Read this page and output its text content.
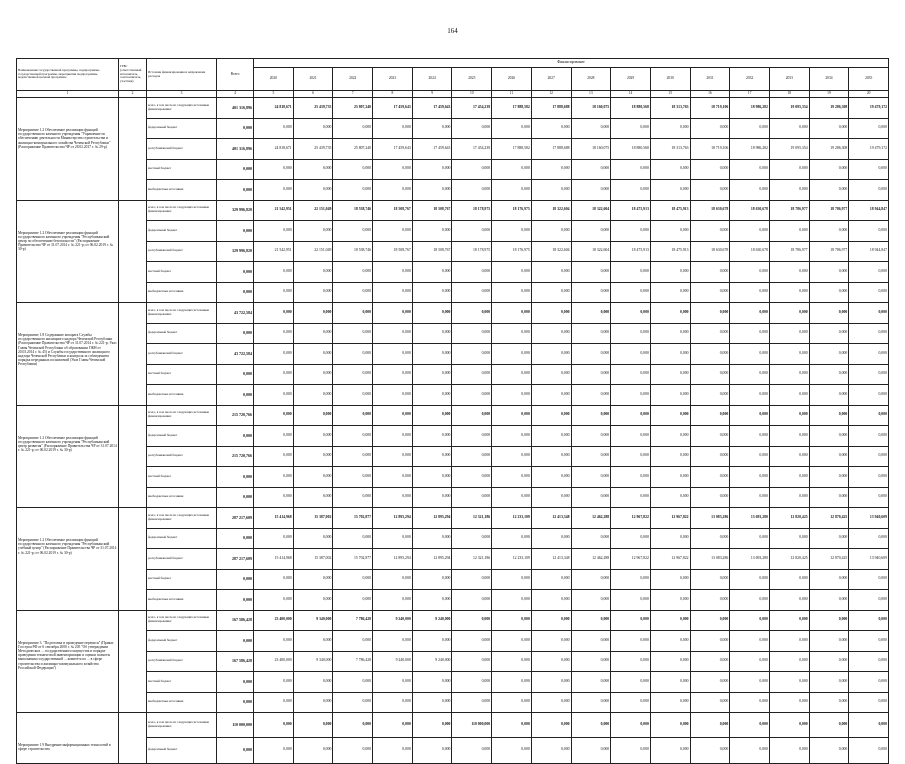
164
Наименование государственной программы, подпрограммы государственной программы, мероприятия подпрограммы, ведомственной целевой программы	ГРБС (ответственный исполнитель, соисполнитель, участник)	Источник финансирования и направления расходов	Всего	Финансирование															
				2020	2021	2022	2023	2024	2025	2026	2027	2028	2029	2030	2031	2032	2033	2034	2035
1	2	3	4	5	6	7	8	9	10	11	12	13	14	15	16	17	18	19	20
Мероприятие 1.2 Обеспечение реализации функций государственного казенного учреждения "Управление по обеспечению деятельности Министерства строительства и жилищно-коммунального хозяйства Чеченской Республики" (Распоряжение Правительства ЧР от 28.02.2017 г. № 29-р)		всего, в том числе из следующих источников финансирования:	401 316,896	24 818,671	25 439,735	25 807,240	17 459,643	17 459,643	17 454,239	17 888,582	17 888,688	18 160,075	18 880,568	18 313,763	18 719,106	18 986,282	19 095,354	19 286,308	19 479,172
		федеральный бюджет	0,000	0,000	0,000	0,000	0,000	0,000	0,000	0,000	0,000	0,000	0,000	0,000	0,000	0,000	0,000	0,000	0,000
		республиканский бюджет	401 316,896	24 818,671	25 439,735	25 807,240	17 459,643	17 459,643	17 454,239	17 888,582	17 888,688	18 160,075	18 880,568	18 313,763	18 719,106	18 986,282	19 095,354	19 286,308	19 479,172
		местный бюджет	0,000	0,000	0,000	0,000	0,000	0,000	0,000	0,000	0,000	0,000	0,000	0,000	0,000	0,000	0,000	0,000	0,000
		внебюджетные источники	0,000	0,000	0,000	0,000	0,000	0,000	0,000	0,000	0,000	0,000	0,000	0,000	0,000	0,000	0,000	0,000	0,000
Мероприятие 1.2 Обеспечение реализации функций государственного казенного учреждения "Республиканский центр по обеспечению безопасности" (Распоряжение Правительства ЧР от 31.07.2014 г. № 221-р; от 06.02.2019 г. № 30-р)		всего, в том числе из следующих источников финансирования:	329 996,820	21 542,951	22 151,049	18 538,746	18 508,767	18 508,767	18 178,975	18 176,975	18 322,604	18 322,604	18 475,913	18 475,913	18 630,678	18 630,678	18 786,977	18 786,977	18 944,847
		федеральный бюджет	0,000	0,000	0,000	0,000	0,000	0,000	0,000	0,000	0,000	0,000	0,000	0,000	0,000	0,000	0,000	0,000	0,000
		республиканский бюджет	329 996,820	21 542,951	22 151,049	18 538,746	18 508,767	18 508,767	18 178,975	18 176,975	18 322,604	18 322,604	18 475,913	18 475,913	18 630,678	18 630,678	18 786,977	18 786,977	18 944,847
		местный бюджет	0,000	0,000	0,000	0,000	0,000	0,000	0,000	0,000	0,000	0,000	0,000	0,000	0,000	0,000	0,000	0,000	0,000
		внебюджетные источники	0,000	0,000	0,000	0,000	0,000	0,000	0,000	0,000	0,000	0,000	0,000	0,000	0,000	0,000	0,000	0,000	0,000
Мероприятие 1.8 Содержание аппарата Службы государственного жилищного надзора Чеченской Республики (Распоряжение Правительства ЧР от 31.07.2014 г. № 221-р; Указ Главы Чеченской Республики об образовании ГЖН от 20.03.2014 г. № 45) и Службы государственного жилищного надзора Чеченской Республики и контроля за соблюдением порядка переданных полномочий (Указ Главы Чеченской Республики)		всего, в том числе из следующих источников финансирования:	43 722,584	0,000	0,000	0,000	0,000	0,000	0,000	0,000	0,000	0,000	0,000	0,000	0,000	0,000	0,000	0,000	0,000
		федеральный бюджет	0,000	0,000	0,000	0,000	0,000	0,000	0,000	0,000	0,000	0,000	0,000	0,000	0,000	0,000	0,000	0,000	0,000
		республиканский бюджет	43 722,584	0,000	0,000	0,000	0,000	0,000	0,000	0,000	0,000	0,000	0,000	0,000	0,000	0,000	0,000	0,000	0,000
		местный бюджет	0,000	0,000	0,000	0,000	0,000	0,000	0,000	0,000	0,000	0,000	0,000	0,000	0,000	0,000	0,000	0,000	0,000
		внебюджетные источники	0,000	0,000	0,000	0,000	0,000	0,000	0,000	0,000	0,000	0,000	0,000	0,000	0,000	0,000	0,000	0,000	0,000
Мероприятие 1.2 Обеспечение реализации функций государственного казенного учреждения "Республиканский центр развития" (Распоряжение Правительства ЧР от 31.07.2014 г. № 221-р; от 06.02.2019 г. № 30-р)		всего, в том числе из следующих источников финансирования:	215 720,766	0,000	0,000	0,000	0,000	0,000	0,000	0,000	0,000	0,000	0,000	0,000	0,000	0,000	0,000	0,000	0,000
		федеральный бюджет	0,000	0,000	0,000	0,000	0,000	0,000	0,000	0,000	0,000	0,000	0,000	0,000	0,000	0,000	0,000	0,000	0,000
		республиканский бюджет	215 720,766	0,000	0,000	0,000	0,000	0,000	0,000	0,000	0,000	0,000	0,000	0,000	0,000	0,000	0,000	0,000	0,000
		местный бюджет	0,000	0,000	0,000	0,000	0,000	0,000	0,000	0,000	0,000	0,000	0,000	0,000	0,000	0,000	0,000	0,000	0,000
		внебюджетные источники	0,000	0,000	0,000	0,000	0,000	0,000	0,000	0,000	0,000	0,000	0,000	0,000	0,000	0,000	0,000	0,000	0,000
Мероприятие 1.2 Обеспечение реализации функций государственного казенного учреждения "Республиканский учебный центр" (Распоряжение Правительства ЧР от 31.07.2014 г. № 221-р; от 06.02.2019 г. № 30-р)		всего, в том числе из следующих источников финансирования:	287 217,609	15 414,968	15 387,002	15 702,877	12 895,294	12 895,294	12 321,186	12 233,109	12 413,348	12 462,288	12 967,822	12 967,822	13 083,286	13 693,280	12 820,425	12 870,425	13 940,609
		федеральный бюджет	0,000	0,000	0,000	0,000	0,000	0,000	0,000	0,000	0,000	0,000	0,000	0,000	0,000	0,000	0,000	0,000	0,000
		республиканский бюджет	287 217,609	15 414,968	15 387,002	15 702,877	12 895,294	12 895,294	12 321,186	12 233,109	12 413,348	12 462,288	12 967,822	12 967,822	13 083,286	13 693,280	12 820,425	12 870,425	13 940,609
		местный бюджет	0,000	0,000	0,000	0,000	0,000	0,000	0,000	0,000	0,000	0,000	0,000	0,000	0,000	0,000	0,000	0,000	0,000
		внебюджетные источники	0,000	0,000	0,000	0,000	0,000	0,000	0,000	0,000	0,000	0,000	0,000	0,000	0,000	0,000	0,000	0,000	0,000
Мероприятие 3. "Подготовка и проведение переписи" (Приказ Госстроя РФ от 6 сентября 2000 г. № 205 "Об утверждении Методических ... государственного имущества и порядке проведения технической инвентаризации и оценки полноты выполнения государственной ... комитета по ... в сфере строительства и жилищно-коммунального хозяйства Российской Федерации")		всего, в том числе из следующих источников финансирования:	167 586,428	23 400,000	9 340,000	7 786,428	9 240,000	9 240,000	0,000	0,000	0,000	0,000	0,000	0,000	0,000	0,000	0,000	0,000	0,000
		федеральный бюджет	0,000	0,000	0,000	0,000	0,000	0,000	0,000	0,000	0,000	0,000	0,000	0,000	0,000	0,000	0,000	0,000	0,000
		республиканский бюджет	167 586,428	23 400,000	9 340,000	7 786,428	9 240,000	9 240,000	0,000	0,000	0,000	0,000	0,000	0,000	0,000	0,000	0,000	0,000	0,000
		местный бюджет	0,000	0,000	0,000	0,000	0,000	0,000	0,000	0,000	0,000	0,000	0,000	0,000	0,000	0,000	0,000	0,000	0,000
		внебюджетные источники	0,000	0,000	0,000	0,000	0,000	0,000	0,000	0,000	0,000	0,000	0,000	0,000	0,000	0,000	0,000	0,000	0,000
Мероприятие 1.9 Внедрение информационных технологий в сфере строительства		всего, в том числе из следующих источников финансирования:	110 000,000	0,000	0,000	0,000	0,000	0,000	110 000,000	0,000	0,000	0,000	0,000	0,000	0,000	0,000	0,000	0,000	0,000
		федеральный бюджет	0,000	0,000	0,000	0,000	0,000	0,000	0,000	0,000	0,000	0,000	0,000	0,000	0,000	0,000	0,000	0,000	0,000
